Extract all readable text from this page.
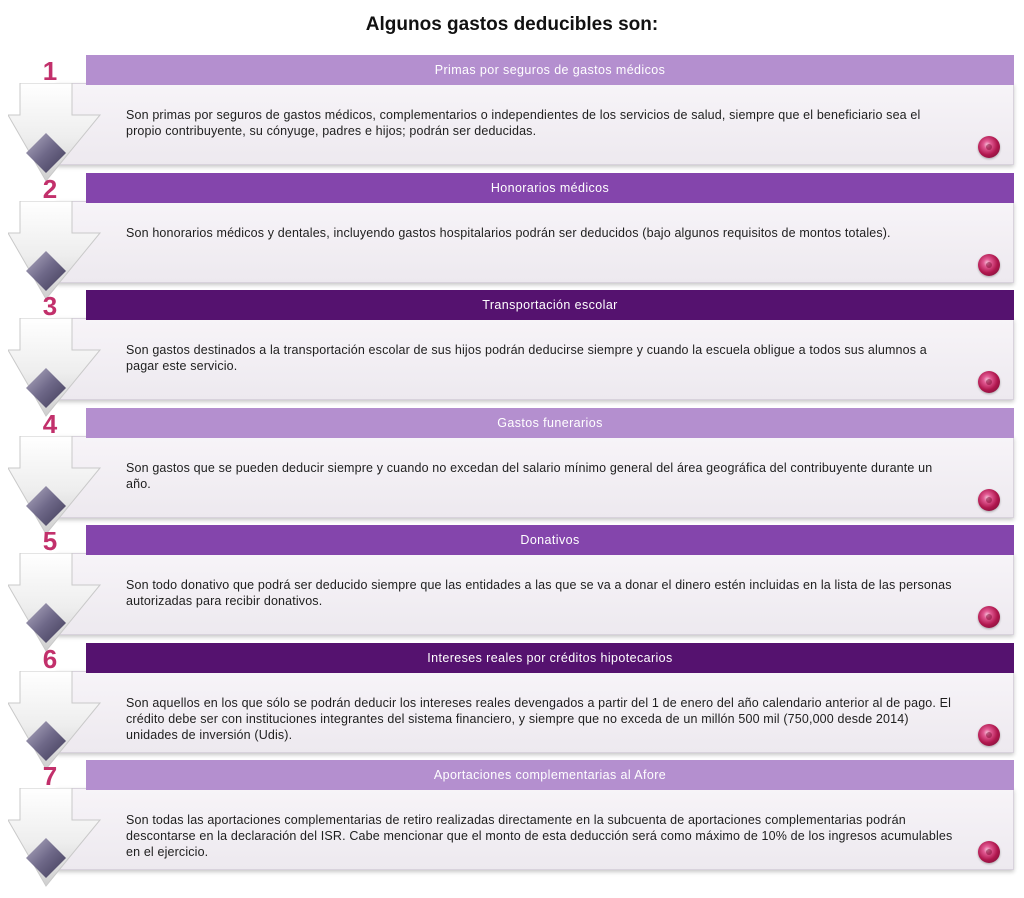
Algunos gastos deducibles son:
Primas por seguros de gastos médicos
1
Son primas por seguros de gastos médicos, complementarios o independientes de los servicios de salud, siempre que el beneficiario sea el propio contribuyente, su cónyuge, padres e hijos; podrán ser deducidas.
Honorarios médicos
2
Son honorarios médicos y dentales, incluyendo gastos hospitalarios podrán ser deducidos (bajo algunos requisitos de montos totales).
Transportación escolar
3
Son gastos destinados a la transportación escolar de sus hijos podrán deducirse siempre y cuando la escuela obligue a todos sus alumnos a pagar este servicio.
Gastos funerarios
4
Son gastos que se pueden deducir siempre y cuando no excedan del salario mínimo general del área geográfica del contribuyente durante un año.
Donativos
5
Son todo donativo que podrá ser deducido siempre que las entidades a las que se va a donar el dinero estén incluidas en la lista de las personas autorizadas para recibir donativos.
Intereses reales por créditos hipotecarios
6
Son aquellos en los que sólo se podrán deducir los intereses reales devengados a partir del 1 de enero del año calendario anterior al de pago. El crédito debe ser con instituciones integrantes del sistema financiero, y siempre que no exceda de un millón 500 mil (750,000 desde 2014) unidades de inversión (Udis).
Aportaciones complementarias al Afore
7
Son todas las aportaciones complementarias de retiro realizadas directamente en la subcuenta de aportaciones complementarias podrán descontarse en la declaración del ISR. Cabe mencionar que el monto de esta deducción será como máximo de 10% de los ingresos acumulables en el ejercicio.
